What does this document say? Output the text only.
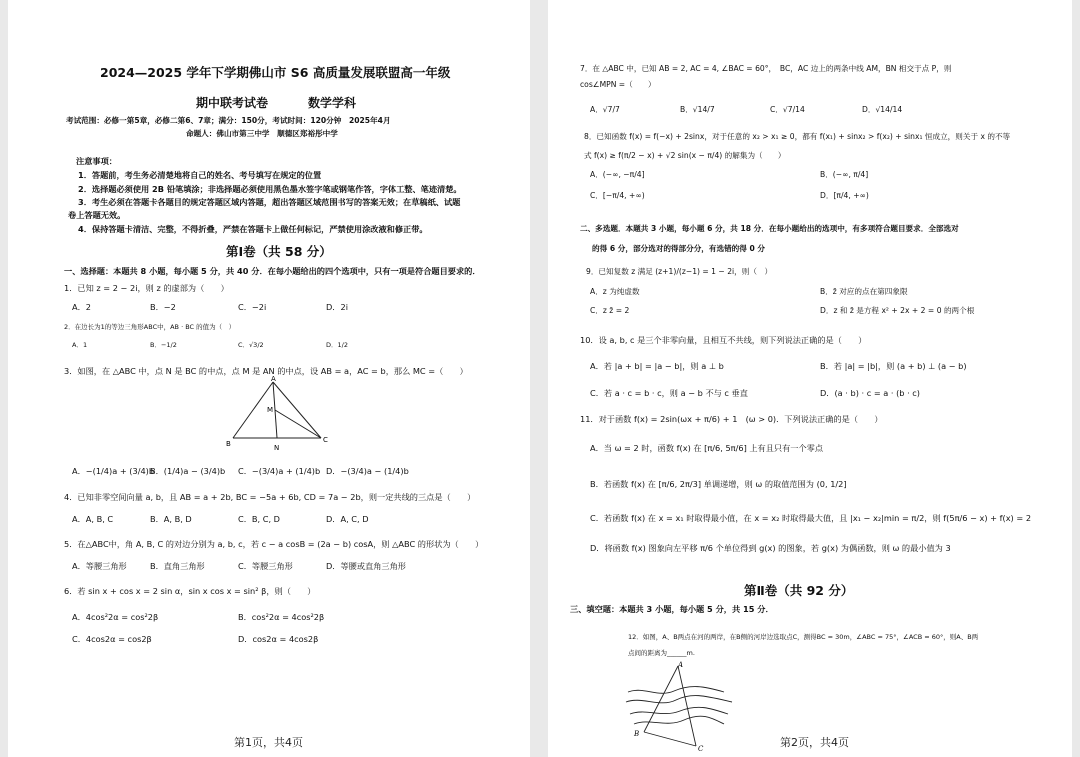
2024—2025 学年下学期佛山市 S6 高质量发展联盟高一年级
期中联考试卷	数学学科
考试范围：必修一第5章，必修二第6、7章；满分：150分，考试时间：120分钟　2025年4月
命题人：佛山市第三中学　顺德区郑裕彤中学
注意事项：
1．答题前，考生务必清楚地将自己的姓名、考号填写在规定的位置
2．选择题必须使用 2B 铅笔填涂；非选择题必须使用黑色墨水签字笔或钢笔作答，字体工整、笔迹清楚。
3．考生必须在答题卡各题目的规定答题区域内答题，超出答题区域范围书写的答案无效；在草稿纸、试题
卷上答题无效。
4．保持答题卡清洁、完整，不得折叠，严禁在答题卡上做任何标记，严禁使用涂改液和修正带。
第Ⅰ卷（共 58 分）
一、选择题：本题共 8 小题，每小题 5 分，共 40 分．在每小题给出的四个选项中，只有一项是符合题目要求的．
1．已知 z = 2 − 2i，则 z 的虚部为（　　）
A．2	B．−2	C．−2i	D．2i
2．在边长为1的等边三角形ABC中，AB · BC 的值为（　）
A．1	B．−1/2	C．√3/2	D．1/2
3．如图，在 △ABC 中，点 N 是 BC 的中点，点 M 是 AN 的中点，设 AB = a，AC = b，那么 MC =（　　）
A
M
B	N
C
A．−(1/4)a + (3/4)b
B．(1/4)a − (3/4)b C．−(3/4)a + (1/4)b D．−(3/4)a − (1/4)b
4．已知非零空间向量 a, b，且 AB = a + 2b, BC = −5a + 6b, CD = 7a − 2b，则一定共线的三点是（　　）
A．A, B, C	B．A, B, D	C．B, C, D	D．A, C, D
5．在△ABC中，角 A, B, C 的对边分别为 a, b, c，若 c − a cosB = (2a − b) cosA，则 △ABC 的形状为（　　）
A．等腰三角形	B．直角三角形	C．等腰三角形	D．等腰或直角三角形
6．若 sin x + cos x = 2 sin α，sin x cos x = sin² β，则（　　）
A．4cos²2α = cos²2β	B．cos²2α = 4cos²2β
C．4cos2α = cos2β	D．cos2α = 4cos2β
第1页，共4页
7．在 △ABC 中，已知 AB = 2, AC = 4, ∠BAC = 60°，　BC，AC 边上的两条中线 AM，BN 相交于点 P，则
cos∠MPN =（　　）
A．√7/7	B．√14/7	C．√7/14	D．√14/14
8．已知函数 f(x) = f(−x) + 2sinx，对于任意的 x₂ > x₁ ≥ 0，都有 f(x₁) + sinx₂ > f(x₂) + sinx₁ 恒成立，则关于 x 的不等
式 f(x) ≥ f(π/2 − x) + √2 sin(x − π/4) 的解集为（　　）
A．(−∞, −π/4]	B．(−∞, π/4]
C．[−π/4, +∞)	D．[π/4, +∞)
二、多选题．本题共 3 小题，每小题 6 分，共 18 分．在每小题给出的选项中，有多项符合题目要求．全部选对
的得 6 分，部分选对的得部分分，有选错的得 0 分
9．已知复数 z 满足 (z+1)/(z−1) = 1 − 2i，则（　）
A．z 为纯虚数	B．z̄ 对应的点在第四象限
C．z z̄ = 2	D．z 和 z̄ 是方程 x² + 2x + 2 = 0 的两个根
10．设 a, b, c 是三个非零向量，且相互不共线，则下列说法正确的是（　　）
A．若 |a + b| = |a − b|，则 a ⊥ b	B．若 |a| = |b|，则 (a + b) ⊥ (a − b)
C．若 a · c = b · c，则 a − b 不与 c 垂直	D．(a · b) · c = a · (b · c)
11．对于函数 f(x) = 2sin(ωx + π/6) + 1　(ω > 0)．下列说法正确的是（　　）
A．当 ω = 2 时，函数 f(x) 在 [π/6, 5π/6] 上有且只有一个零点
B．若函数 f(x) 在 [π/6, 2π/3] 单调递增，则 ω 的取值范围为 (0, 1/2]
C．若函数 f(x) 在 x = x₁ 时取得最小值，在 x = x₂ 时取得最大值，且 |x₁ − x₂|min = π/2，则 f(5π/6 − x) + f(x) = 2
D．将函数 f(x) 图象向左平移 π/6 个单位得到 g(x) 的图象，若 g(x) 为偶函数，则 ω 的最小值为 3
第Ⅱ卷（共 92 分）
三、填空题：本题共 3 小题，每小题 5 分，共 15 分．
12．如图，A、B两点在河的两岸，在B侧的河岸边选取点C，测得BC = 30m，∠ABC = 75°，∠ACB = 60°，则A、B两
点间的距离为______m.
A
B
C	第2页，共4页
